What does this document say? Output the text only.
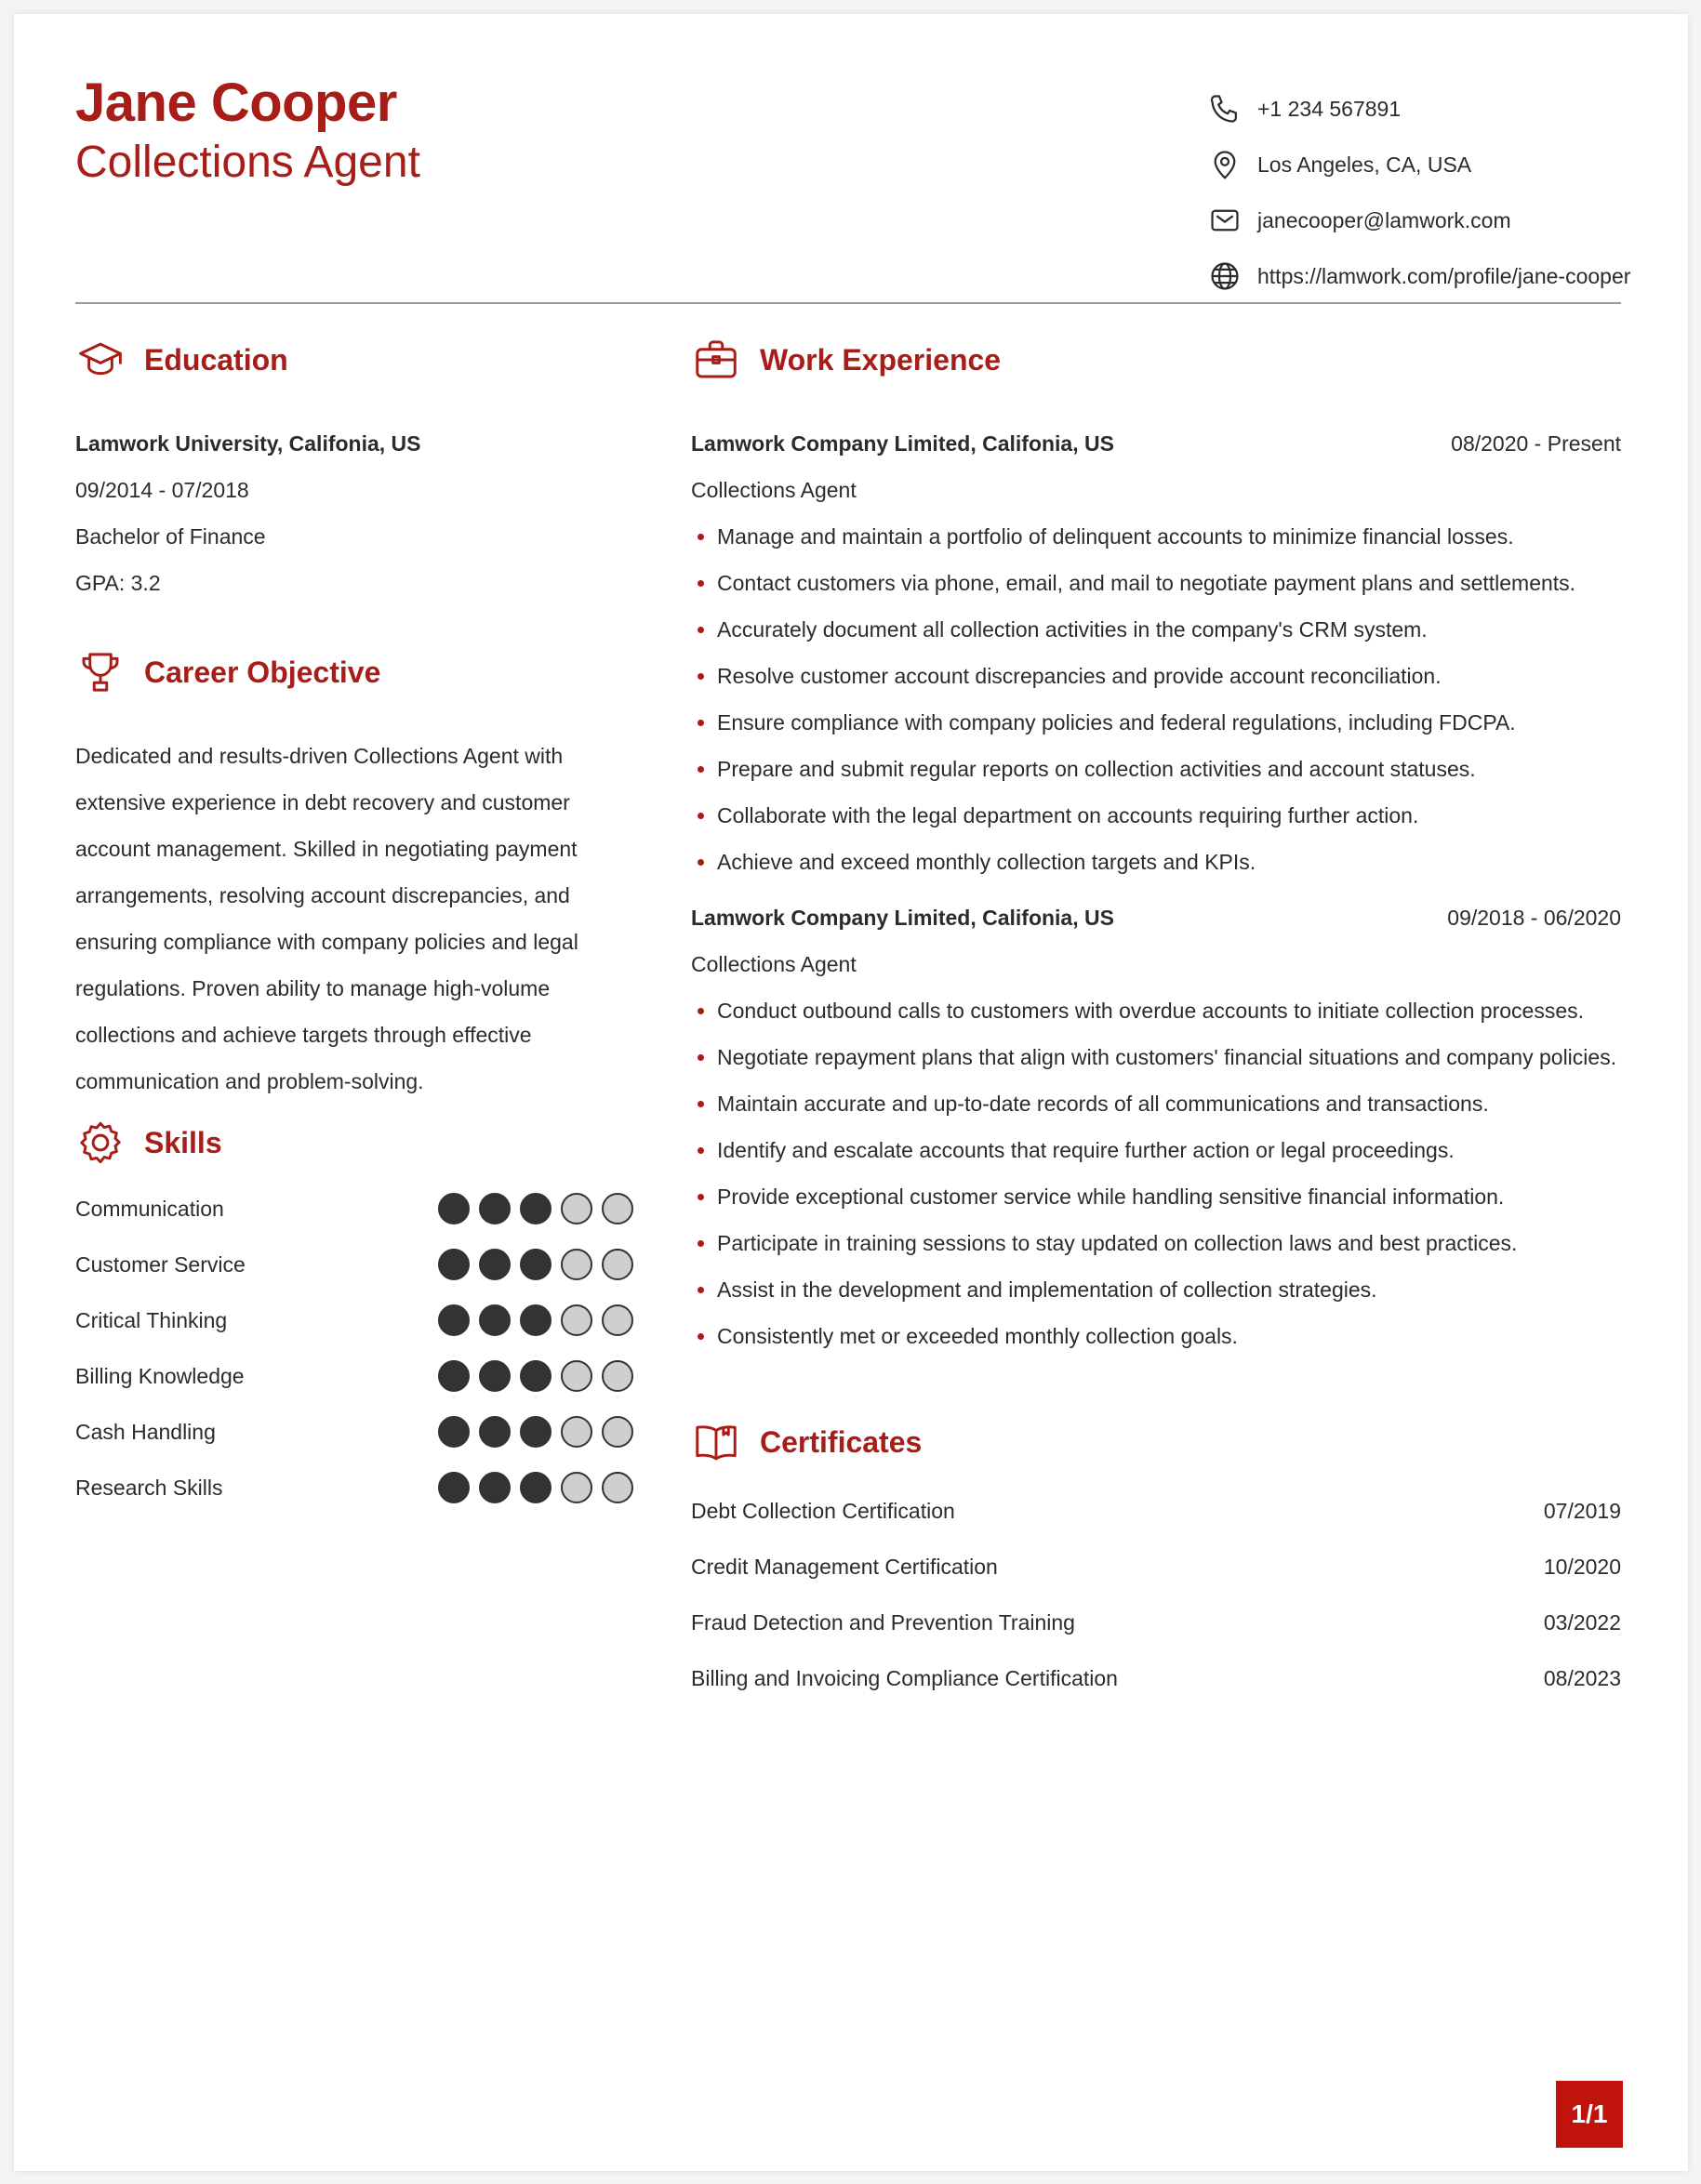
Jane Cooper
Collections Agent
+1 234 567891
Los Angeles, CA, USA
janecooper@lamwork.com
https://lamwork.com/profile/jane-cooper
Education
Lamwork University, Califonia, US
09/2014 - 07/2018
Bachelor of Finance
GPA: 3.2
Career Objective
Dedicated and results-driven Collections Agent with extensive experience in debt recovery and customer account management. Skilled in negotiating payment arrangements, resolving account discrepancies, and ensuring compliance with company policies and legal regulations. Proven ability to manage high-volume collections and achieve targets through effective communication and problem-solving.
Skills
Communication
Customer Service
Critical Thinking
Billing Knowledge
Cash Handling
Research Skills
Work Experience
Lamwork Company Limited, Califonia, US	08/2020 - Present
Collections Agent
Manage and maintain a portfolio of delinquent accounts to minimize financial losses.
Contact customers via phone, email, and mail to negotiate payment plans and settlements.
Accurately document all collection activities in the company's CRM system.
Resolve customer account discrepancies and provide account reconciliation.
Ensure compliance with company policies and federal regulations, including FDCPA.
Prepare and submit regular reports on collection activities and account statuses.
Collaborate with the legal department on accounts requiring further action.
Achieve and exceed monthly collection targets and KPIs.
Lamwork Company Limited, Califonia, US	09/2018 - 06/2020
Collections Agent
Conduct outbound calls to customers with overdue accounts to initiate collection processes.
Negotiate repayment plans that align with customers' financial situations and company policies.
Maintain accurate and up-to-date records of all communications and transactions.
Identify and escalate accounts that require further action or legal proceedings.
Provide exceptional customer service while handling sensitive financial information.
Participate in training sessions to stay updated on collection laws and best practices.
Assist in the development and implementation of collection strategies.
Consistently met or exceeded monthly collection goals.
Certificates
Debt Collection Certification	07/2019
Credit Management Certification	10/2020
Fraud Detection and Prevention Training	03/2022
Billing and Invoicing Compliance Certification	08/2023
1/1
